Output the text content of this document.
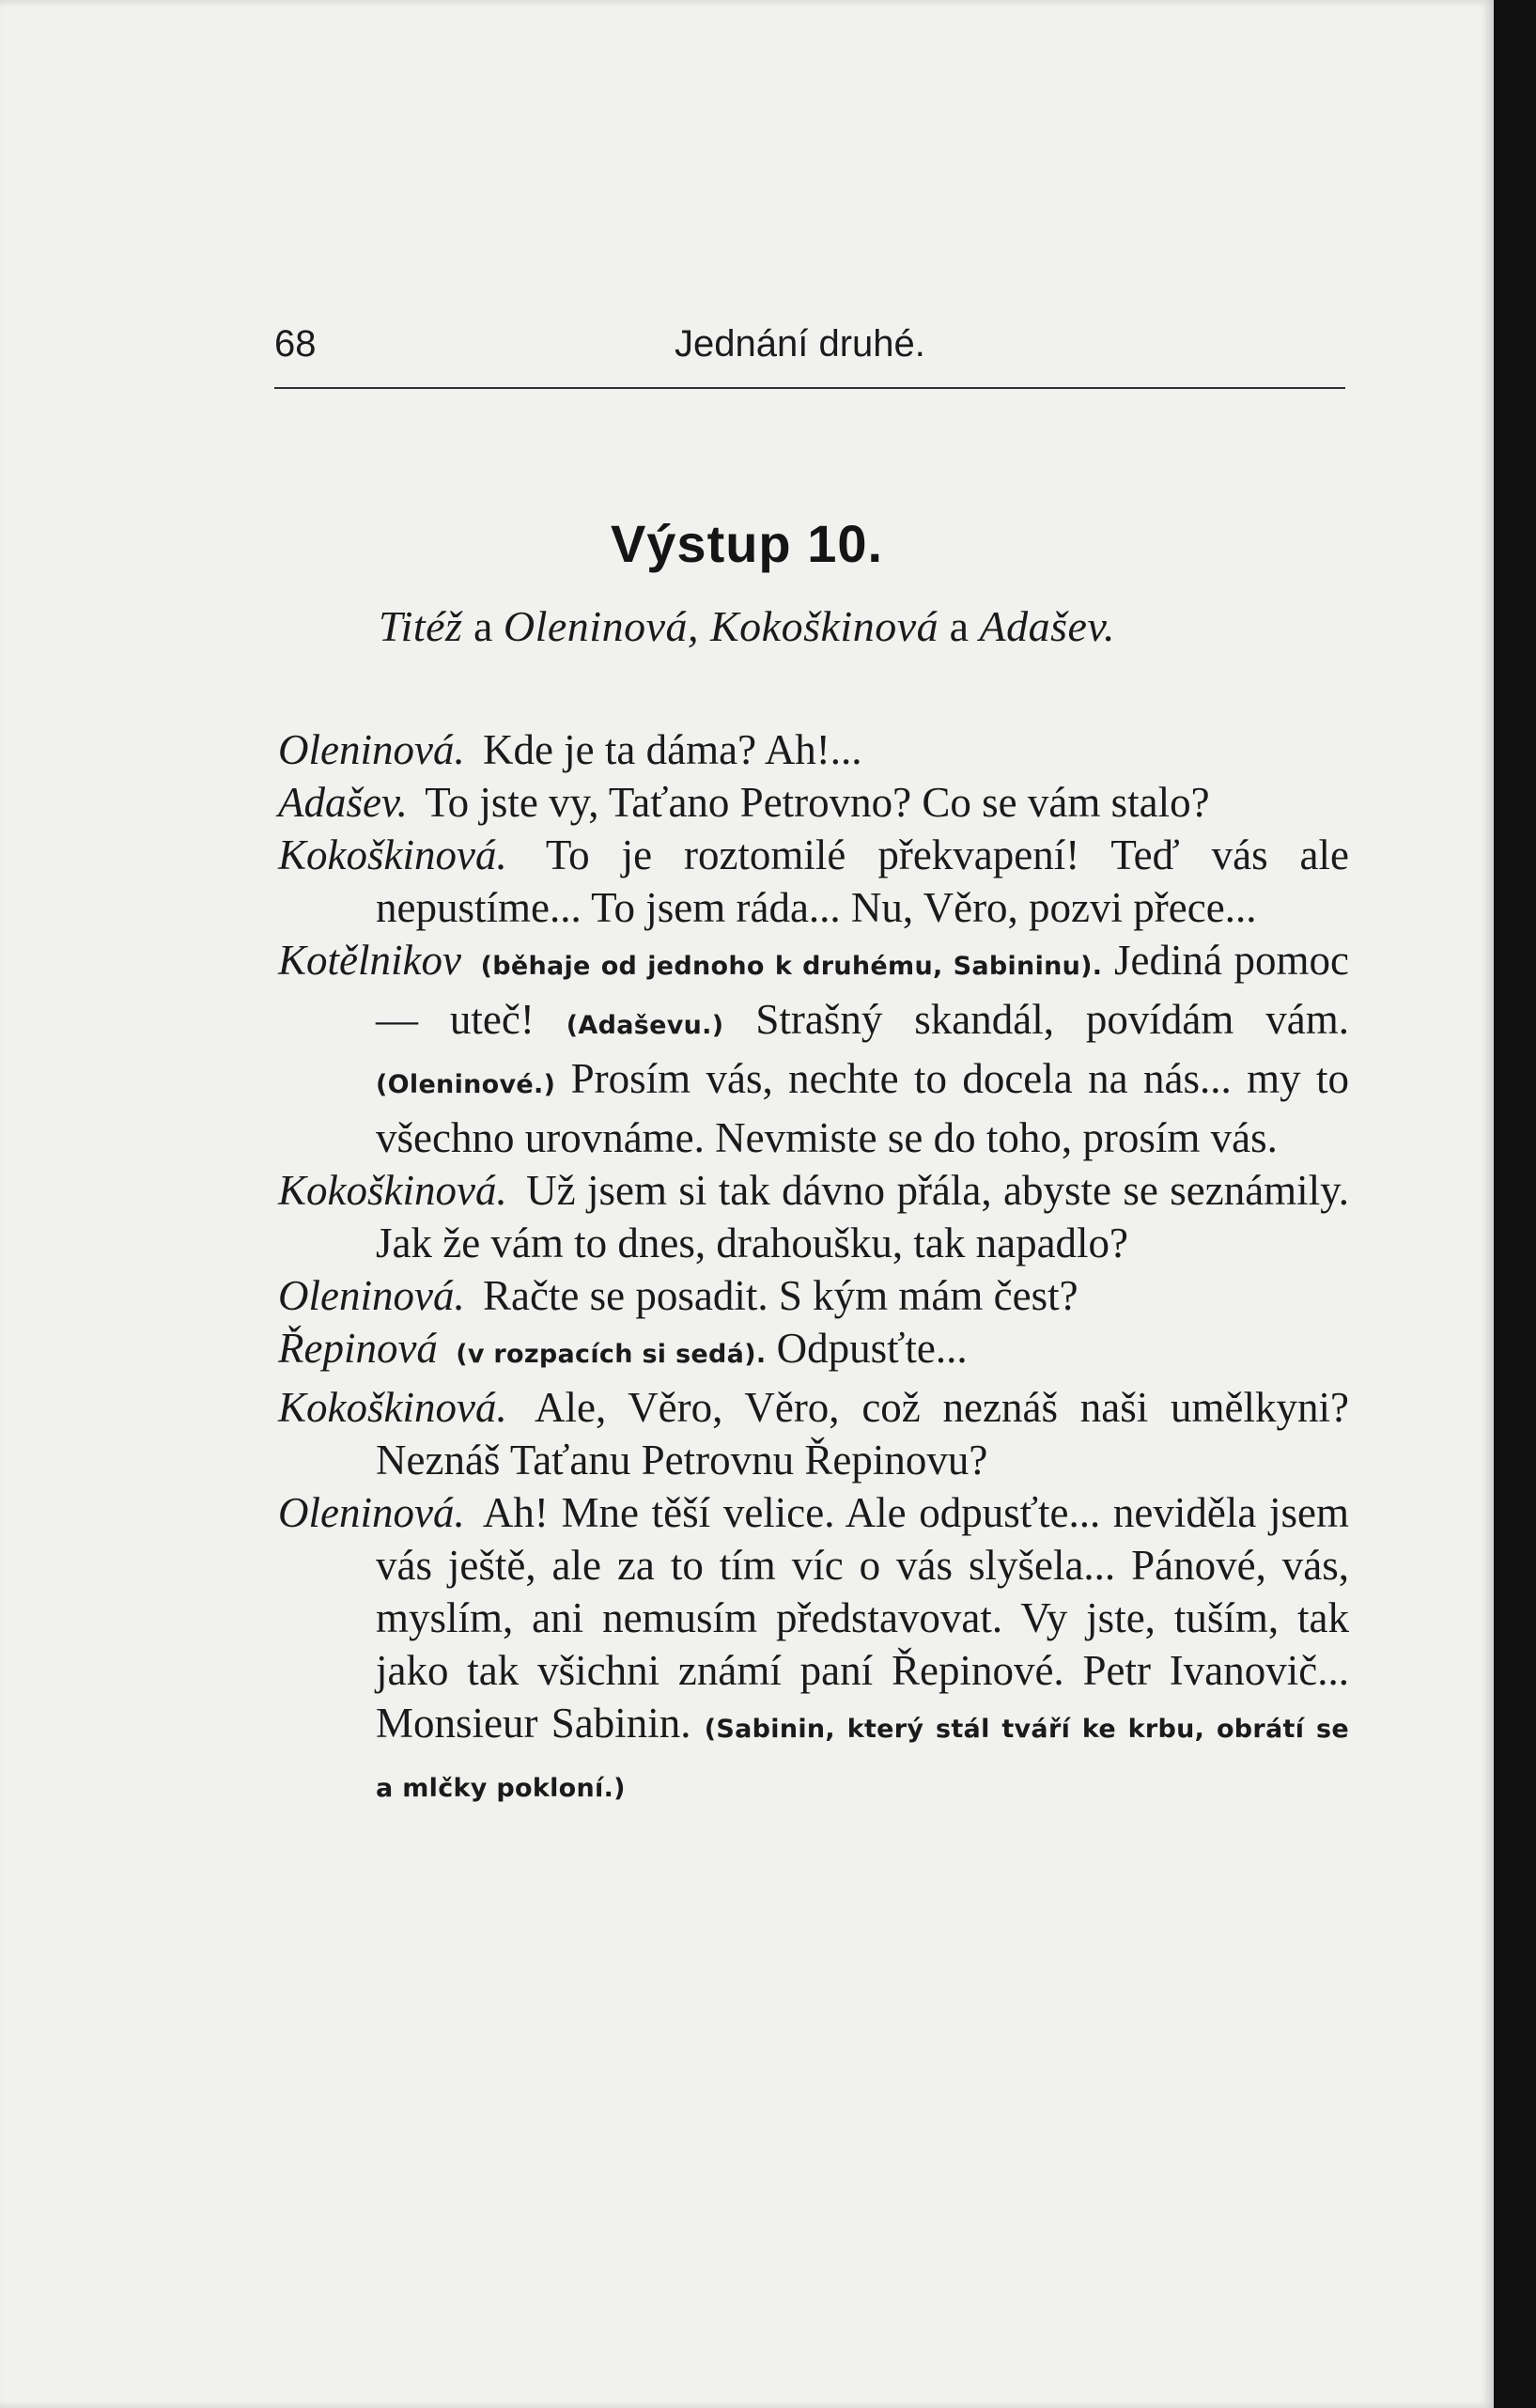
68	Jednání druhé.
Výstup 10.
Titéž a Oleninová, Kokoškinová a Adašev.

Oleninová. Kde je ta dáma? Ah!...

Adašev. To jste vy, Taťano Petrovno? Co se vám stalo?

Kokoškinová. To je roztomilé překvapení! Teď vás ale nepustíme... To jsem ráda... Nu, Věro, pozvi přece...

Kotělnikov (běhaje od jednoho k druhému, Sabininu). Jediná pomoc — uteč! (Adaševu.) Strašný skandál, povídám vám. (Oleninové.) Prosím vás, nechte to docela na nás... my to všechno urovnáme. Nevmiste se do toho, prosím vás.

Kokoškinová. Už jsem si tak dávno přála, abyste se seznámily. Jak že vám to dnes, drahoušku, tak napadlo?

Oleninová. Račte se posadit. S kým mám čest?

Řepinová (v rozpacích si sedá). Odpusťte...

Kokoškinová. Ale, Věro, Věro, což neznáš naši umělkyni? Neznáš Taťanu Petrovnu Řepinovu?

Oleninová. Ah! Mne těší velice. Ale odpusťte... neviděla jsem vás ještě, ale za to tím víc o vás slyšela... Pánové, vás, myslím, ani nemusím představovat. Vy jste, tuším, tak jako tak všichni známí paní Řepinové. Petr Ivanovič... Monsieur Sabinin. (Sabinin, který stál tváří ke krbu, obrátí se a mlčky pokloní.)
